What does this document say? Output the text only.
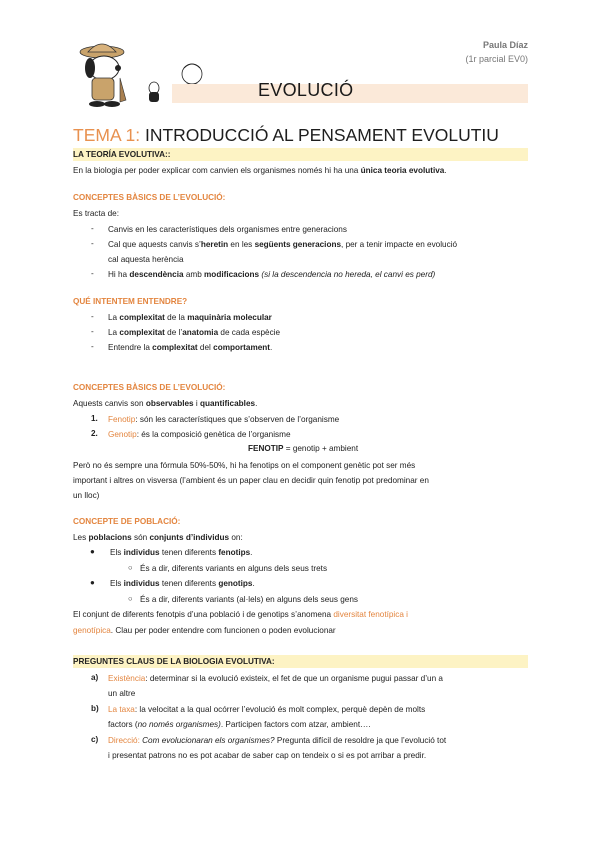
Paula Díaz
(1r parcial EV0)
EVOLUCIÓ
TEMA 1: INTRODUCCIÓ AL PENSAMENT EVOLUTIU
LA TEORÍA EVOLUTIVA::
En la biologia per poder explicar com canvien els organismes només hi ha una única teoria evolutiva.
CONCEPTES BÀSICS DE L’EVOLUCIÓ:
Es tracta de:
- Canvis en les característiques dels organismes entre generacions
- Cal que aquests canvis s’heretin en les següents generacions, per a tenir impacte en evolució
cal aquesta herència
- Hi ha descendència amb modificacions (si la descendencia no hereda, el canvi es perd)
QUÉ INTENTEM ENTENDRE?
- La complexitat de la maquinària molecular
- La complexitat de l’anatomia de cada espècie
- Entendre la complexitat del comportament.
CONCEPTES BÀSICS DE L’EVOLUCIÓ:
Aquests canvis son observables i quantificables.
1. Fenotip: són les característiques que s’observen de l’organisme
2. Genotip: és la composició genètica de l’organisme
FENOTIP = genotip + ambient
Però no és sempre una fórmula 50%-50%, hi ha fenotips on el component genètic pot ser més
important i altres on visversa (l’ambient és un paper clau en decidir quin fenotip pot predominar en
un lloc)
CONCEPTE DE POBLACIÓ:
Les poblacions són conjunts d’individus on:
● Els individus tenen diferents fenotips.
○ És a dir, diferents variants en alguns dels seus trets
● Els individus tenen diferents genotips.
○ És a dir, diferents variants (al·lels) en alguns dels seus gens
El conjunt de diferents fenotpis d’una població i de genotips s’anomena diversitat fenotípica i
genotípica. Clau per poder entendre com funcionen o poden evolucionar
PREGUNTES CLAUS DE LA BIOLOGIA EVOLUTIVA:
a) Existència: determinar si la evolució existeix, el fet de que un organisme pugui passar d’un a
un altre
b) La taxa: la velocitat a la qual ocórrer l’evolució és molt complex, perquè depèn de molts
factors (no només organismes). Participen factors com atzar, ambient….
c) Direcció: Com evolucionaran els organismes? Pregunta difícil de resoldre ja que l’evolució tot
i presentat patrons no es pot acabar de saber cap on tendeix o si es pot arribar a predir.
